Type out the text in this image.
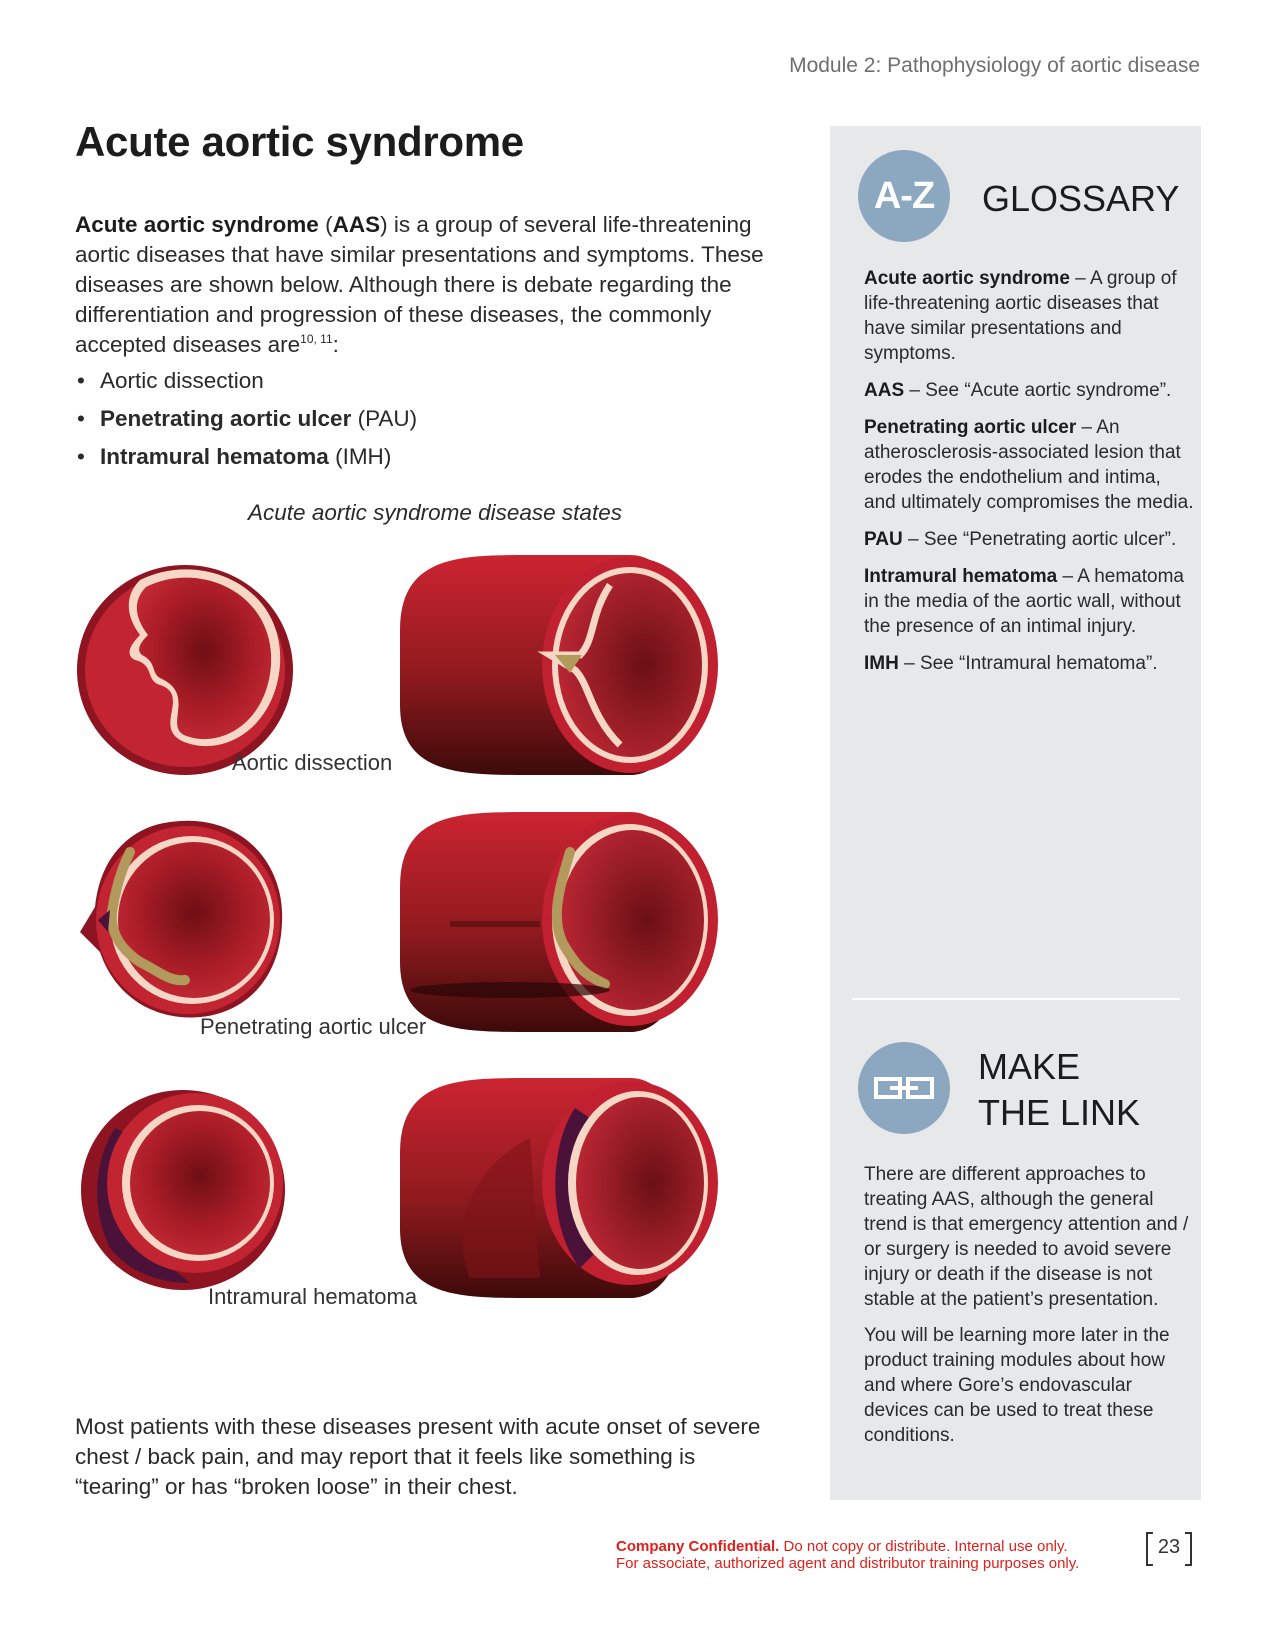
Module 2: Pathophysiology of aortic disease
Acute aortic syndrome

Acute aortic syndrome (AAS) is a group of several life-threatening aortic diseases that have similar presentations and symptoms. These diseases are shown below. Although there is debate regarding the differentiation and progression of these diseases, the commonly accepted diseases are$^{10, 11}$:

• Aortic dissection
• Penetrating aortic ulcer (PAU)
• Intramural hematoma (IMH)
Acute aortic syndrome disease states
Aortic dissection
Penetrating aortic ulcer
Intramural hematoma

Most patients with these diseases present with acute onset of severe chest / back pain, and may report that it feels like something is “tearing” or has “broken loose” in their chest.

A-Z	GLOSSARY
Acute aortic syndrome – A group of life-threatening aortic diseases that have similar presentations and symptoms.
AAS – See “Acute aortic syndrome”.
Penetrating aortic ulcer – An atherosclerosis-associated lesion that erodes the endothelium and intima, and ultimately compromises the media.
PAU – See “Penetrating aortic ulcer”.
Intramural hematoma – A hematoma in the media of the aortic wall, without the presence of an intimal injury.
IMH – See “Intramural hematoma”.
MAKE
THE LINK

There are different approaches to treating AAS, although the general trend is that emergency attention and / or surgery is needed to avoid severe injury or death if the disease is not stable at the patient’s presentation.

You will be learning more later in the product training modules about how and where Gore’s endovascular devices can be used to treat these conditions.

Company Confidential. Do not copy or distribute. Internal use only.
For associate, authorized agent and distributor training purposes only.
23
